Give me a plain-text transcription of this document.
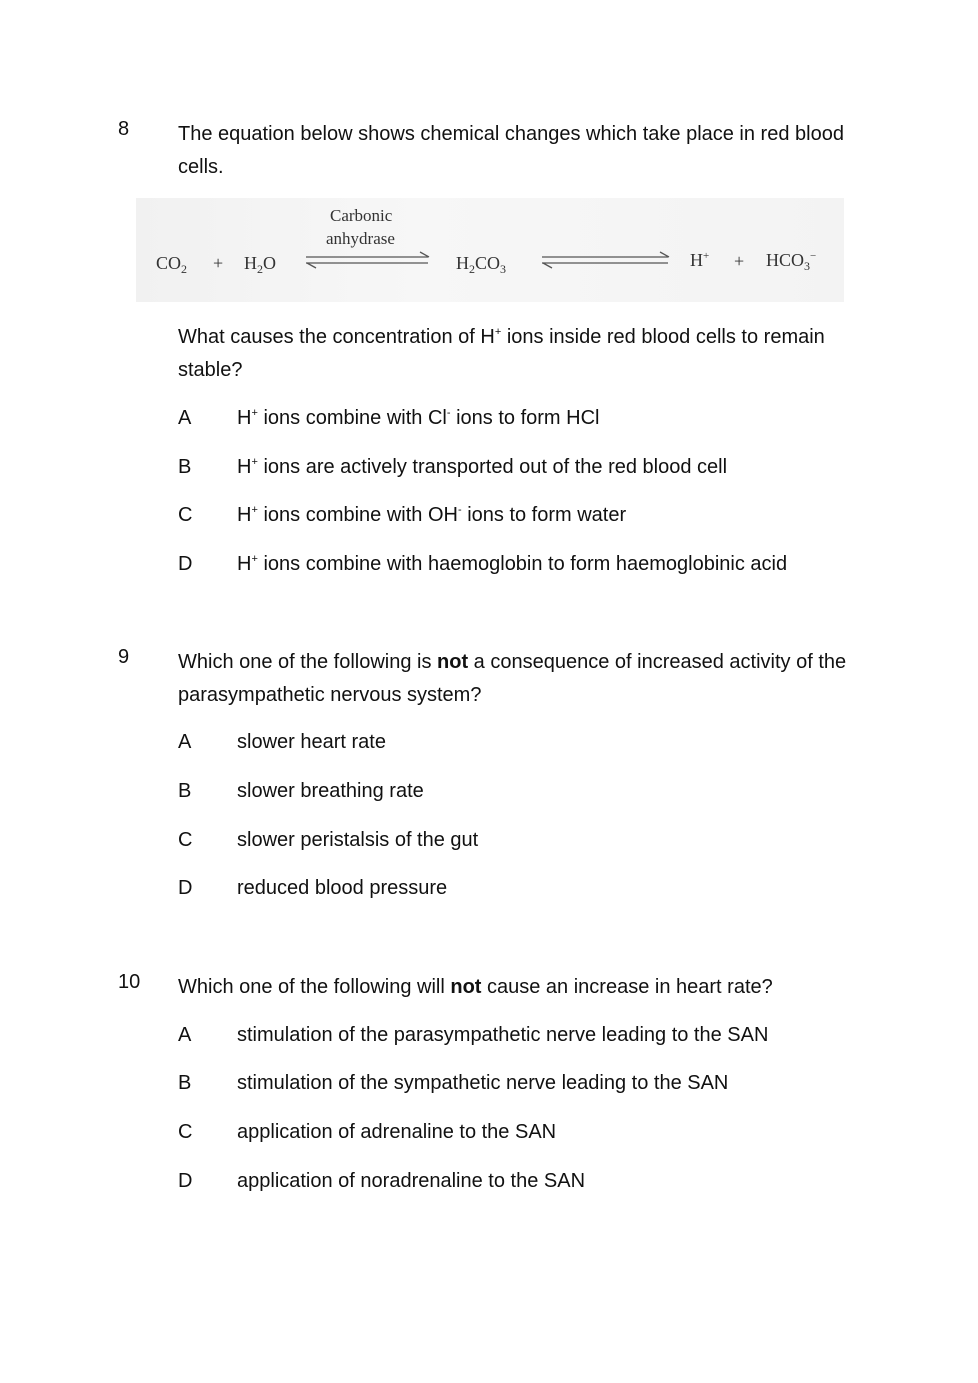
8 The equation below shows chemical changes which take place in red blood cells.
Carbonic
anhydrase
$CO_2 + H_2O$	$H_2CO_3$	$H^+ + HCO_3^-$
What causes the concentration of H+ ions inside red blood cells to remain stable?
A H+ ions combine with Cl- ions to form HCl
B H+ ions are actively transported out of the red blood cell
C H+ ions combine with OH- ions to form water
D H+ ions combine with haemoglobin to form haemoglobinic acid
9 Which one of the following is not a consequence of increased activity of the parasympathetic nervous system?
A slower heart rate
B slower breathing rate
C slower peristalsis of the gut
D reduced blood pressure
10 Which one of the following will not cause an increase in heart rate?
A stimulation of the parasympathetic nerve leading to the SAN
B stimulation of the sympathetic nerve leading to the SAN
C application of adrenaline to the SAN
D application of noradrenaline to the SAN
